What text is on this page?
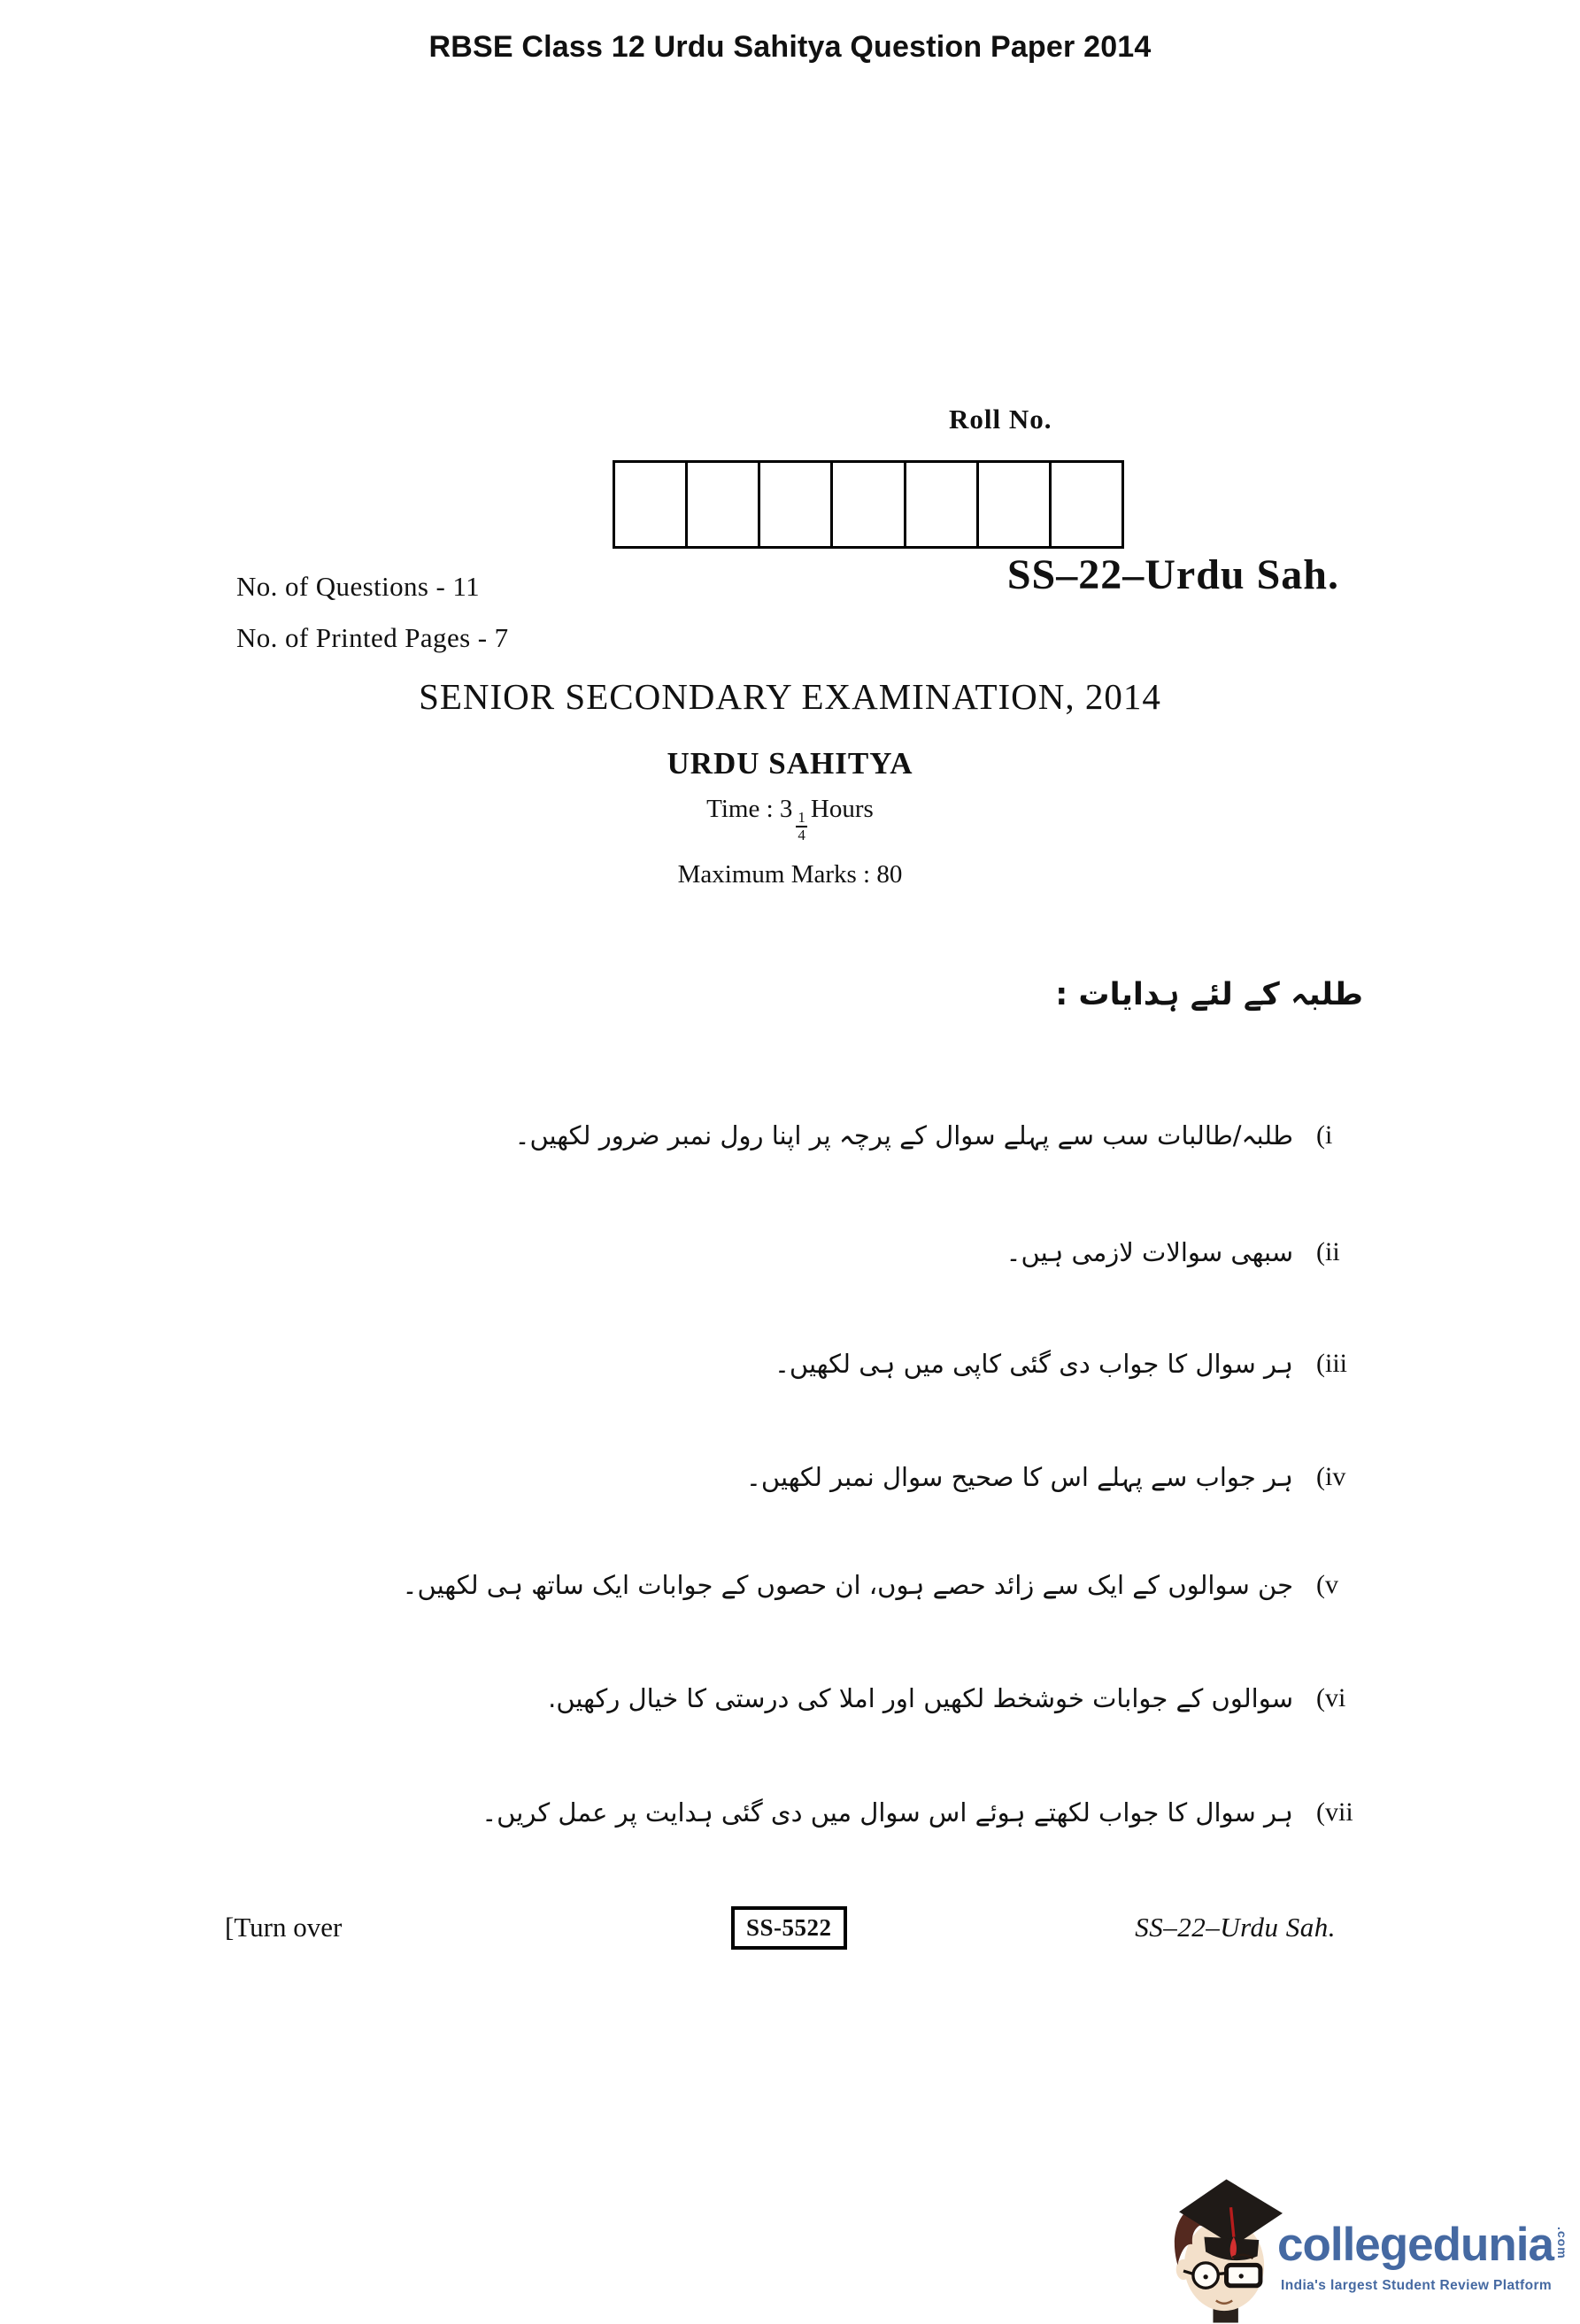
RBSE Class 12 Urdu Sahitya Question Paper 2014
Roll No.
SS–22–Urdu Sah.
No. of Questions - 11
No. of Printed Pages - 7
SENIOR SECONDARY EXAMINATION, 2014
URDU SAHITYA
Time : 3
$\frac{1}{4}$
Hours
Maximum Marks : 80
طلبہ کے لئے ہدایات :
طلبہ/طالبات سب سے پہلے سوال کے پرچہ پر اپنا رول نمبر ضرور لکھیں۔ (i
سبھی سوالات لازمی ہیں۔ (ii
ہر سوال کا جواب دی گئی کاپی میں ہی لکھیں۔ (iii
ہر جواب سے پہلے اس کا صحیح سوال نمبر لکھیں۔ (iv
جن سوالوں کے ایک سے زائد حصے ہوں، ان حصوں کے جوابات ایک ساتھ ہی لکھیں۔ (v
سوالوں کے جوابات خوشخط لکھیں اور املا کی درستی کا خیال رکھیں. (vi
ہر سوال کا جواب لکھتے ہوئے اس سوال میں دی گئی ہدایت پر عمل کریں۔ (vii
[Turn over	SS-5522	SS–22–Urdu Sah.
collegedunia .com
India's largest Student Review Platform
